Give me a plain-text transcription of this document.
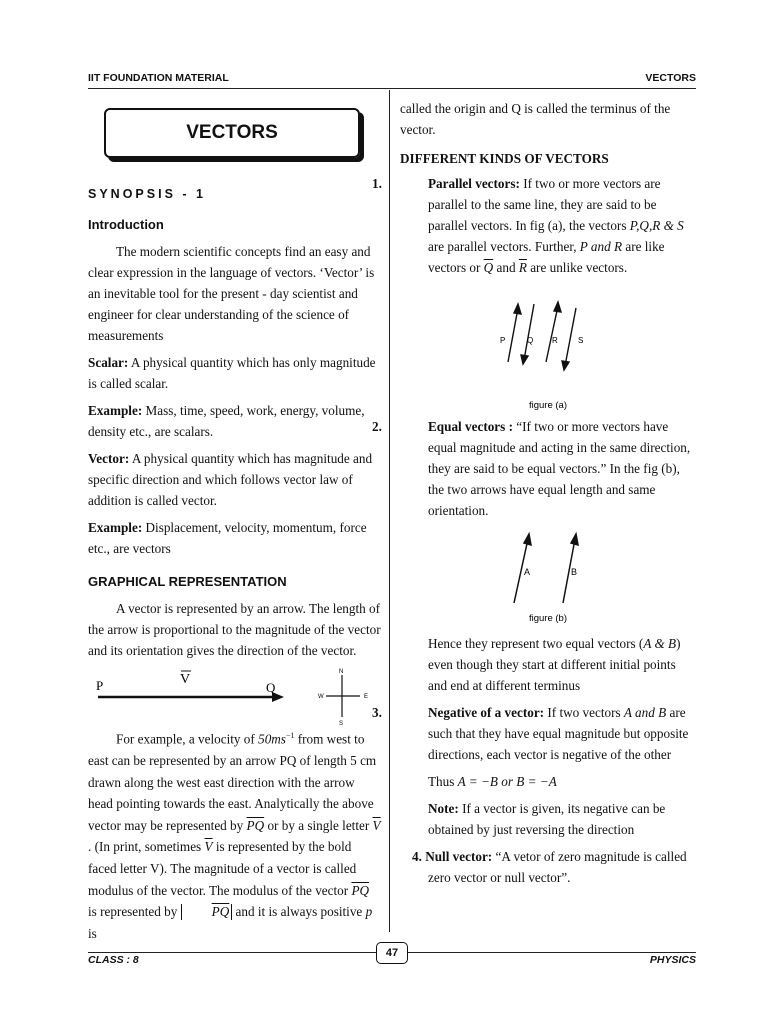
IIT FOUNDATION MATERIAL	VECTORS
VECTORS
SYNOPSIS - 1
Introduction

The modern scientific concepts find an easy and clear expression in the language of vectors. ‘Vector’ is an inevitable tool for the present - day scientist and engineer for clear understanding of the science of measurements

Scalar: A physical quantity which has only magnitude is called scalar.

Example: Mass, time, speed, work, energy, volume, density etc., are scalars.

Vector: A physical quantity which has magnitude and specific direction and which follows vector law of addition is called vector.

Example: Displacement, velocity, momentum, force etc., are vectors

GRAPHICAL REPRESENTATION

A vector is represented by an arrow. The length of the arrow is proportional to the magnitude of the vector and its orientation gives the direction of the vector.

P	V
Q
N
S
E
W

For example, a velocity of $50ms^{-1}$ from west to east can be represented by an arrow PQ of length 5 cm drawn along the west east direction with the arrow head pointing towards the east. Analytically the above vector may be represented by $\overline{PQ}$ or by a single letter $\overline{V}$ . (In print, sometimes $\overline{V}$ is represented by the bold faced letter V). The magnitude of a vector is called modulus of the vector. The modulus of the vector $\overline{PQ}$
is represented by $\overline{PQ}$ and it is always positive p is

called the origin and Q is called the terminus of the vector.

DIFFERENT KINDS OF VECTORS

1.	Parallel vectors: If two or more vectors are parallel to the same line, they are said to be parallel vectors. In fig (a), the vectors P,Q,R & S are parallel vectors. Further, P and R are like vectors or $\overline{Q}$ and $\overline{R}$ are unlike vectors.

P	Q R	S
figure (a)

2.	Equal vectors : “If two or more vectors have equal magnitude and acting in the same direction, they are said to be equal vectors.” In the fig (b), the two arrows have equal length and same orientation.

A	B
figure (b)

Hence they represent two equal vectors (A & B) even though they start at different initial points and end at different terminus

3.	Negative of a vector: If two vectors A and B are such that they have equal magnitude but opposite directions, each vector is negative of the other

Thus A = −B or B = −A

Note: If a vector is given, its negative can be obtained by just reversing the direction

4. Null vector: “A vetor of zero magnitude is called zero vector or null vector”.

47
CLASS : 8	PHYSICS
